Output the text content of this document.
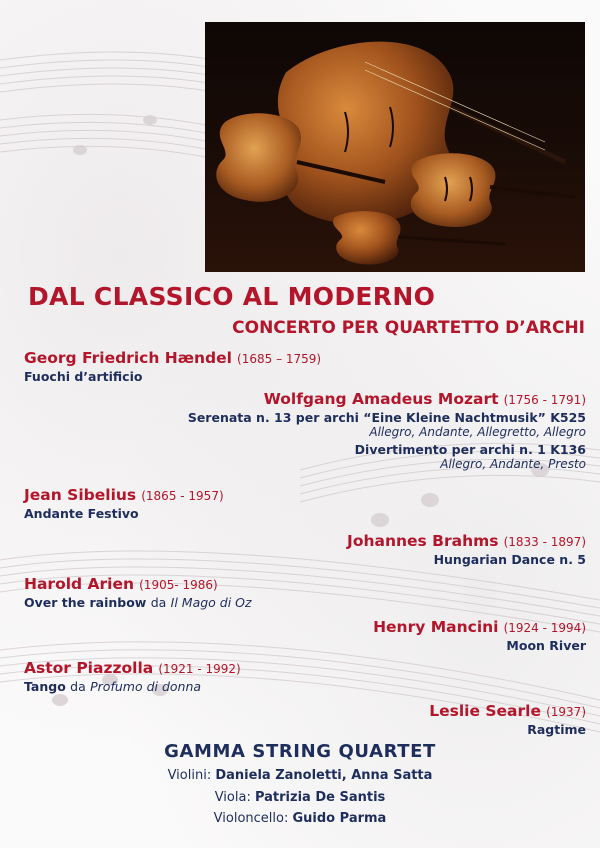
DAL CLASSICO AL MODERNO
CONCERTO PER QUARTETTO D’ARCHI
Georg Friedrich Hændel (1685 – 1759)
Fuochi d’artificio
Wolfgang Amadeus Mozart (1756 - 1791)
Serenata n. 13 per archi “Eine Kleine Nachtmusik” K525
Allegro, Andante, Allegretto, Allegro
Divertimento per archi n. 1 K136
Allegro, Andante, Presto
Jean Sibelius (1865 - 1957)
Andante Festivo
Johannes Brahms (1833 - 1897)
Hungarian Dance n. 5
Harold Arien (1905- 1986)
Over the rainbow da Il Mago di Oz
Henry Mancini (1924 - 1994)
Moon River
Astor Piazzolla (1921 - 1992)
Tango da Profumo di donna
Leslie Searle (1937)
Ragtime
GAMMA STRING QUARTET
Violini: Daniela Zanoletti, Anna Satta
Viola: Patrizia De Santis
Violoncello: Guido Parma
